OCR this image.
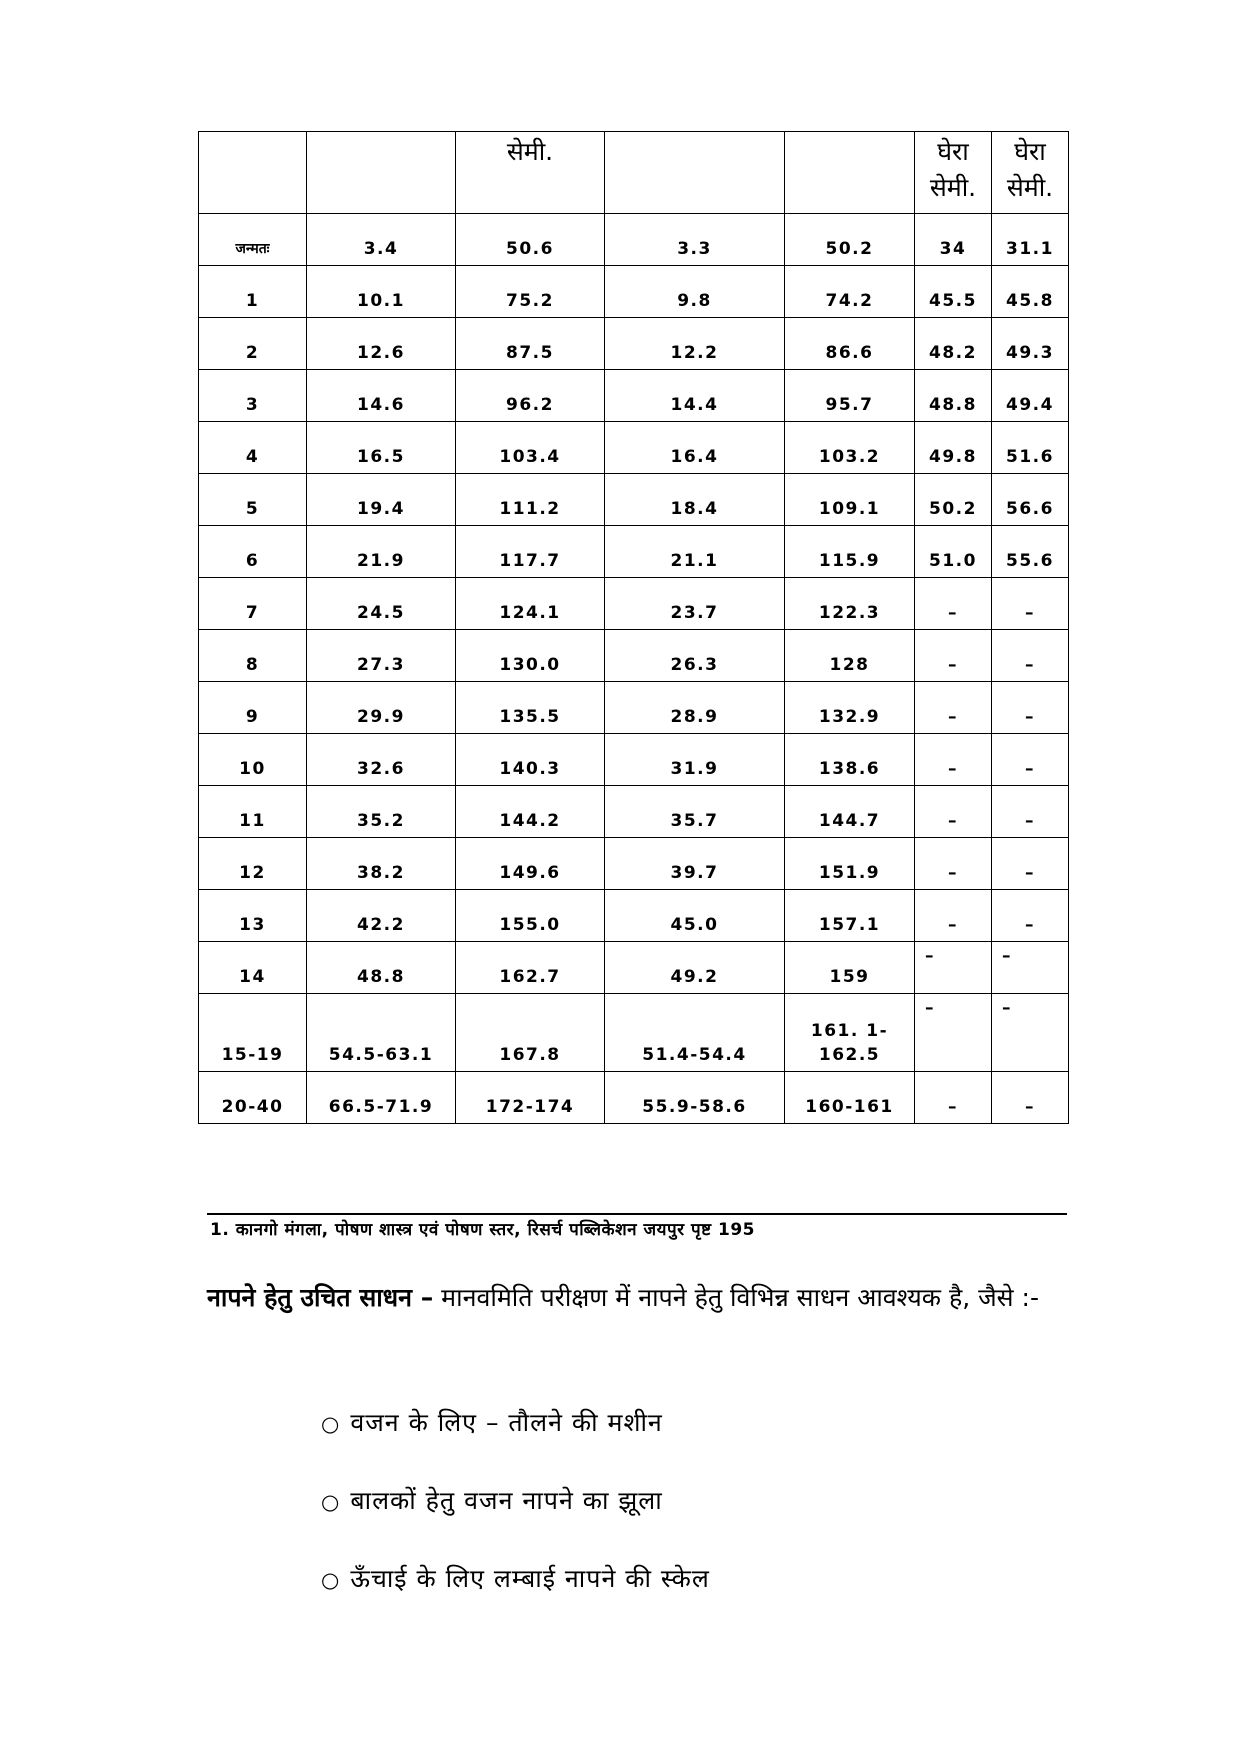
		सेमी.			घेरा सेमी.	घेरा सेमी.
जन्मतः	3.4	50.6	3.3	50.2	34	31.1
1	10.1	75.2	9.8	74.2	45.5	45.8
2	12.6	87.5	12.2	86.6	48.2	49.3
3	14.6	96.2	14.4	95.7	48.8	49.4
4	16.5	103.4	16.4	103.2	49.8	51.6
5	19.4	111.2	18.4	109.1	50.2	56.6
6	21.9	117.7	21.1	115.9	51.0	55.6
7	24.5	124.1	23.7	122.3	–	–
8	27.3	130.0	26.3	128	–	–
9	29.9	135.5	28.9	132.9	–	–
10	32.6	140.3	31.9	138.6	–	–
11	35.2	144.2	35.7	144.7	–	–
12	38.2	149.6	39.7	151.9	–	–
13	42.2	155.0	45.0	157.1	–	–
14	48.8	162.7	49.2	159	–	–
15-19	54.5-63.1	167.8	51.4-54.4	161. 1-162.5	–	–
20-40	66.5-71.9	172-174	55.9-58.6	160-161	–	–
1. कानगो मंगला, पोषण शास्त्र एवं पोषण स्तर, रिसर्च पब्लिकेशन जयपुर पृष्ट 195
नापने हेतु उचित साधन – मानवमिति परीक्षण में नापने हेतु विभिन्न साधन आवश्यक है, जैसे :-
○ वजन के लिए – तौलने की मशीन
○ बालकों हेतु वजन नापने का झूला
○ ऊँचाई के लिए लम्बाई नापने की स्केल
